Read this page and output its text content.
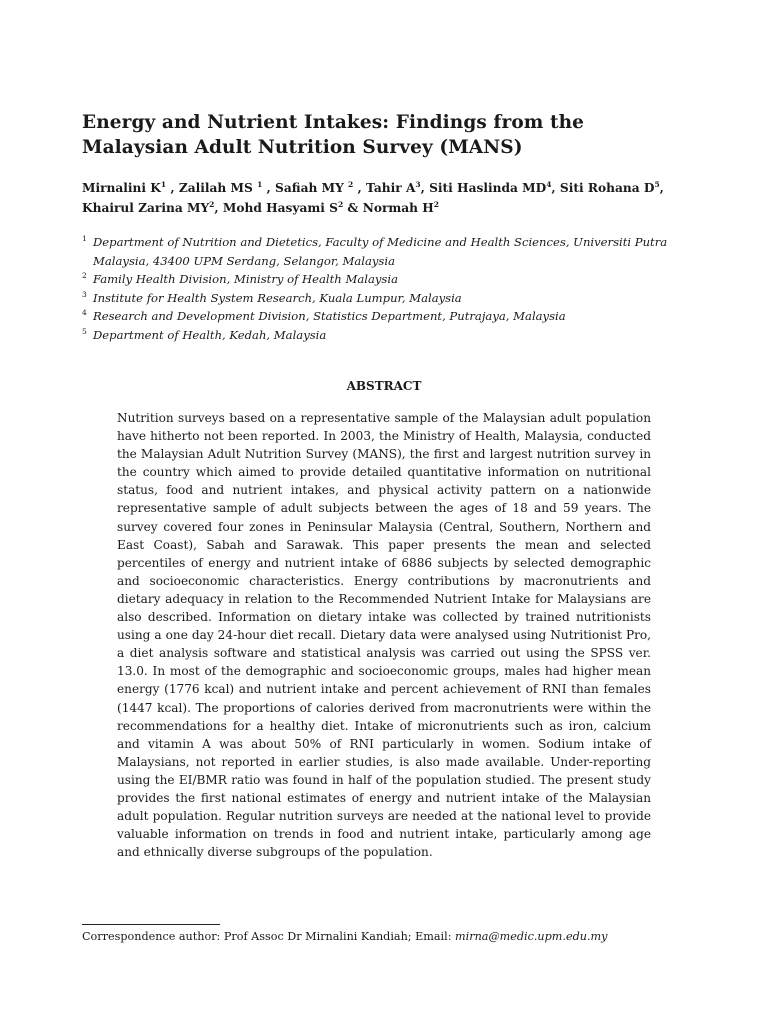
Energy and Nutrient Intakes: Findings from the Malaysian Adult Nutrition Survey (MANS)

Mirnalini $K^1$ , Zalilah MS $^1$ , Safiah MY $^2$ , Tahir $A^3$, Siti Haslinda $MD^4$, Siti Rohana $D^5$,
Khairul Zarina $MY^2$, Mohd Hasyami $S^2$ & Normah $H^2$

1 Department of Nutrition and Dietetics, Faculty of Medicine and Health Sciences, Universiti Putra Malaysia, 43400 UPM Serdang, Selangor, Malaysia
2 Family Health Division, Ministry of Health Malaysia
3 Institute for Health System Research, Kuala Lumpur, Malaysia
4 Research and Development Division, Statistics Department, Putrajaya, Malaysia
5 Department of Health, Kedah, Malaysia
ABSTRACT

Nutrition surveys based on a representative sample of the Malaysian adult population have hitherto not been reported. In 2003, the Ministry of Health, Malaysia, conducted the Malaysian Adult Nutrition Survey (MANS), the first and largest nutrition survey in the country which aimed to provide detailed quantitative information on nutritional status, food and nutrient intakes, and physical activity pattern on a nationwide representative sample of adult subjects between the ages of 18 and 59 years. The survey covered four zones in Peninsular Malaysia (Central, Southern, Northern and East Coast), Sabah and Sarawak. This paper presents the mean and selected percentiles of energy and nutrient intake of 6886 subjects by selected demographic and socioeconomic characteristics. Energy contributions by macronutrients and dietary adequacy in relation to the Recommended Nutrient Intake for Malaysians are also described. Information on dietary intake was collected by trained nutritionists using a one day 24-hour diet recall. Dietary data were analysed using Nutritionist Pro, a diet analysis software and statistical analysis was carried out using the SPSS ver. 13.0. In most of the demographic and socioeconomic groups, males had higher mean energy (1776 kcal) and nutrient intake and percent achievement of RNI than females (1447 kcal). The proportions of calories derived from macronutrients were within the recommendations for a healthy diet. Intake of micronutrients such as iron, calcium and vitamin A was about 50% of RNI particularly in women. Sodium intake of Malaysians, not reported in earlier studies, is also made available. Under-reporting using the EI/BMR ratio was found in half of the population studied. The present study provides the first national estimates of energy and nutrient intake of the Malaysian adult population. Regular nutrition surveys are needed at the national level to provide valuable information on trends in food and nutrient intake, particularly among age and ethnically diverse subgroups of the population.

Correspondence author: Prof Assoc Dr Mirnalini Kandiah; Email: mirna@medic.upm.edu.my
